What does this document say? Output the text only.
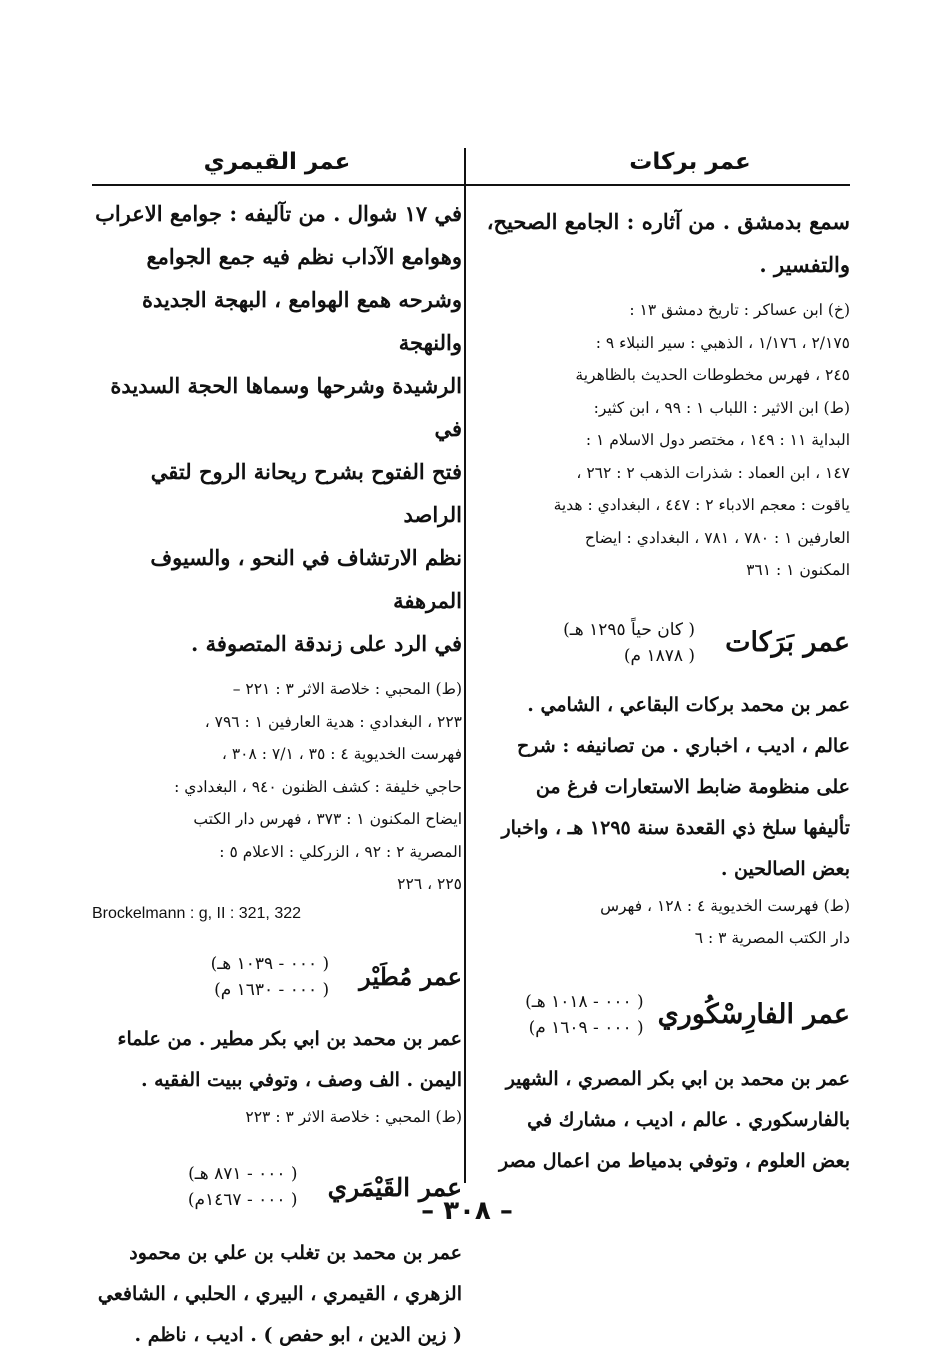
عمر بركات

سمع بدمشق . من آثاره : الجامع الصحيح،

والتفسير .

(خ) ابن عساكر : تاريخ دمشق ١٣ :

٢/١٧٥ ، ١/١٧٦ ، الذهبي : سير النبلاء ٩ :

٢٤٥ ، فهرس مخطوطات الحديث بالظاهرية

(ط) ابن الاثير : اللباب ١ : ٩٩ ، ابن كثير:

البداية ١١ : ١٤٩ ، مختصر دول الاسلام ١ :

١٤٧ ، ابن العماد : شذرات الذهب ٢ : ٢٦٢ ،

ياقوت : معجم الادباء ٢ : ٤٤٧ ، البغدادي : هدية

العارفين ١ : ٧٨٠ ، ٧٨١ ، البغدادي : ايضاح

المكنون ١ : ٣٦١

عمر بَرَكات
( كان حياً ١٢٩٥ هـ)
( ١٨٧٨ م)

عمر بن محمد بركات البقاعي ، الشامي .

عالم ، اديب ، اخباري . من تصانيفه : شرح

على منظومة ضابط الاستعارات فرغ من

تأليفها سلخ ذي القعدة سنة ١٢٩٥ هـ ، واخبار

بعض الصالحين .

(ط) فهرست الخديوية ٤ : ١٢٨ ، فهرس

دار الكتب المصرية ٣ : ٦

عمر الفارِسْكُوري
( ٠٠٠ - ١٠١٨ هـ)
( ٠٠٠ - ١٦٠٩ م)

عمر بن محمد بن ابي بكر المصري ، الشهير

بالفارسكوري . عالم ، اديب ، مشارك في

بعض العلوم ، وتوفي بدمياط من اعمال مصر

عمر القيمري

في ١٧ شوال . من تآليفه : جوامع الاعراب

وهوامع الآداب نظم فيه جمع الجوامع

وشرحه همع الهوامع ، البهجة الجديدة والنهجة

الرشيدة وشرحها وسماها الحجة السديدة في

فتح الفتوح بشرح ريحانة الروح لتقي الراصد

نظم الارتشاف في النحو ، والسيوف المرهفة

في الرد على زندقة المتصوفة .

(ط) المحبي : خلاصة الاثر ٣ : ٢٢١ –

٢٢٣ ، البغدادي : هدية العارفين ١ : ٧٩٦ ،

فهرست الخديوية ٤ : ٣٥ ، ٧/١ : ٣٠٨ ،

حاجي خليفة : كشف الظنون ٩٤٠ ، البغدادي :

ايضاح المكنون ١ : ٣٧٣ ، فهرس دار الكتب

المصرية ٢ : ٩٢ ، الزركلي : الاعلام ٥ :

٢٢٥ ، ٢٢٦

Brockelmann : g, II : 321, 322

عمر مُطَيْر
( ٠٠٠ - ١٠٣٩ هـ)
( ٠٠٠ - ١٦٣٠ م)

عمر بن محمد بن ابي بكر مطير . من علماء

اليمن . الف وصف ، وتوفي ببيت الفقيه .

(ط) المحبي : خلاصة الاثر ٣ : ٢٢٣

عمر القَيْمَري
( ٠٠٠ - ٨٧١ هـ)
( ٠٠٠ - ١٤٦٧م)

عمر بن محمد بن تغلب بن علي بن محمود

الزهري ، القيمري ، البيري ، الحلبي ، الشافعي

( زين الدين ، ابو حفص ) . اديب ، ناظم .

– ٣٠٨ –
